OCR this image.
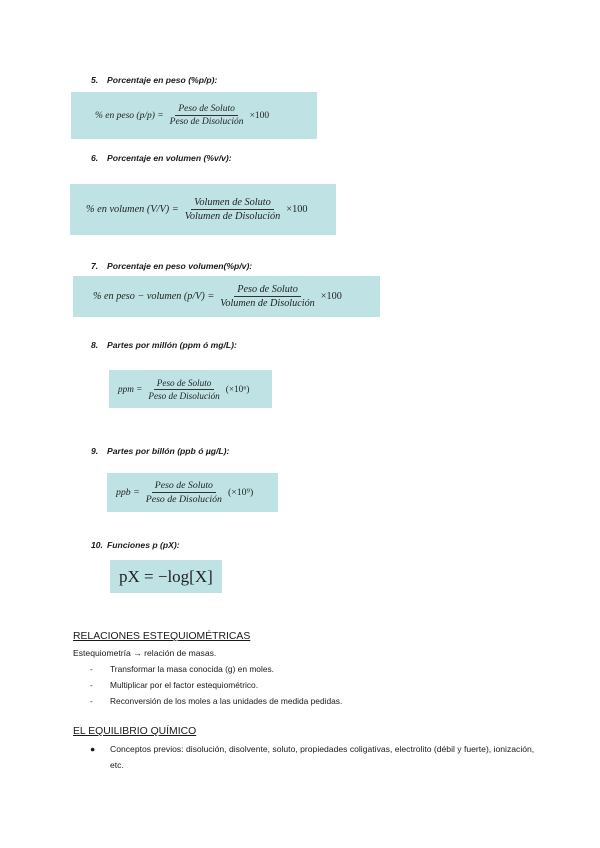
5. Porcentaje en peso (%p/p):
% en peso $(p/p) = \frac{\text{Peso de Soluto}}{\text{Peso de Disolución}} \times 100$
6. Porcentaje en volumen (%v/v):
% en volumen $(V/V) = \frac{\text{Volumen de Soluto}}{\text{Volumen de Disolución}} \times 100$
7. Porcentaje en peso volumen(%p/v):
% en peso − volumen $(p/V) = \frac{\text{Peso de Soluto}}{\text{Volumen de Disolución}} \times 100$
8. Partes por millón (ppm ó mg/L):
ppm = $\frac{\text{Peso de Soluto}}{\text{Peso de Disolución}} (\times 10^6)$
9. Partes por billón (ppb ó µg/L):
ppb = $\frac{\text{Peso de Soluto}}{\text{Peso de Disolución}} (\times 10^9)$
10. Funciones p (pX):
pX = −log[X]
RELACIONES ESTEQUIOMÉTRICAS
Estequiometría → relación de masas.
- Transformar la masa conocida (g) en moles.
- Multiplicar por el factor estequiométrico.
- Reconversión de los moles a las unidades de medida pedidas.
EL EQUILIBRIO QUÍMICO
●	Conceptos previos: disolución, disolvente, soluto, propiedades coligativas, electrolito (débil y fuerte), ionización, etc.
